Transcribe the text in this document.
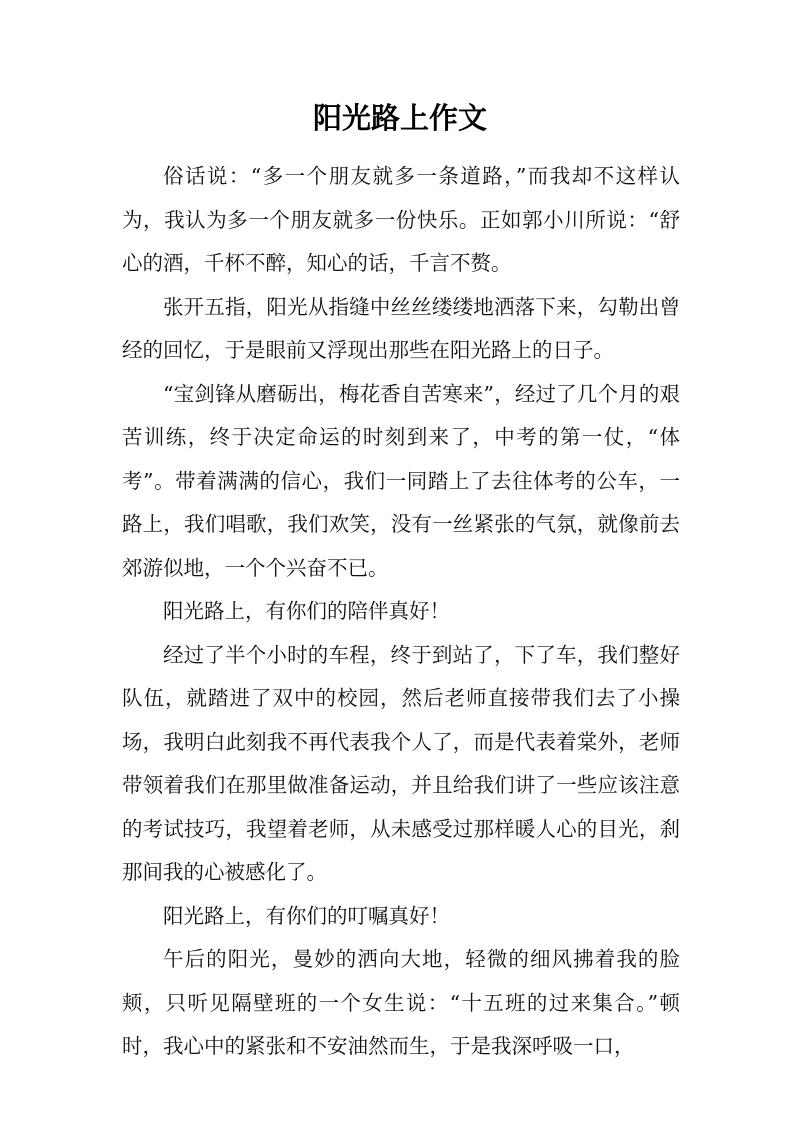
阳光路上作文

俗话说：“多一个朋友就多一条道路，”而我却不这样认为，我认为多一个朋友就多一份快乐。正如郭小川所说：“舒心的酒，千杯不醉，知心的话，千言不赘。

张开五指，阳光从指缝中丝丝缕缕地洒落下来，勾勒出曾经的回忆，于是眼前又浮现出那些在阳光路上的日子。

“宝剑锋从磨砺出，梅花香自苦寒来”，经过了几个月的艰苦训练，终于决定命运的时刻到来了，中考的第一仗，“体考”。带着满满的信心，我们一同踏上了去往体考的公车，一路上，我们唱歌，我们欢笑，没有一丝紧张的气氛，就像前去郊游似地，一个个兴奋不已。

阳光路上，有你们的陪伴真好！

经过了半个小时的车程，终于到站了，下了车，我们整好队伍，就踏进了双中的校园，然后老师直接带我们去了小操场，我明白此刻我不再代表我个人了，而是代表着棠外，老师带领着我们在那里做准备运动，并且给我们讲了一些应该注意的考试技巧，我望着老师，从未感受过那样暖人心的目光，刹那间我的心被感化了。

阳光路上，有你们的叮嘱真好！

午后的阳光，曼妙的洒向大地，轻微的细风拂着我的脸颊，只听见隔壁班的一个女生说：“十五班的过来集合。”顿时，我心中的紧张和不安油然而生，于是我深呼吸一口，
